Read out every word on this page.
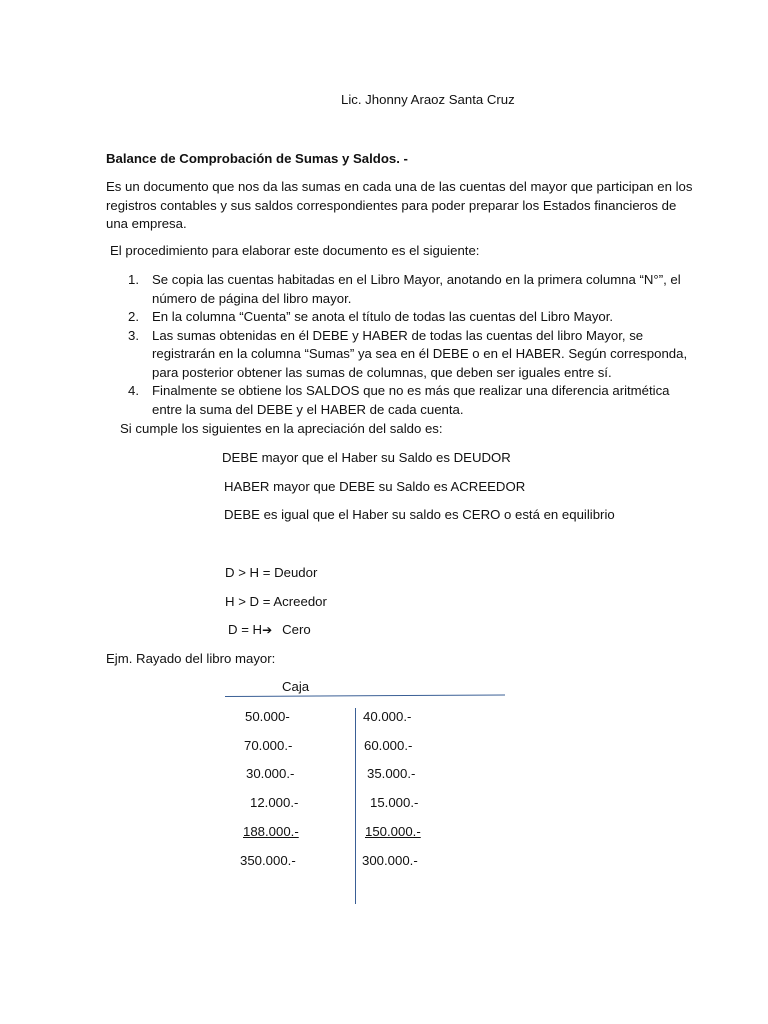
Lic. Jhonny Araoz Santa Cruz
Balance de Comprobación de Sumas y Saldos. -
Es un documento que nos da las sumas en cada una de las cuentas del mayor que participan en los
registros contables y sus saldos correspondientes para poder preparar los Estados financieros de
una empresa.
El procedimiento para elaborar este documento es el siguiente:
1. Se copia las cuentas habitadas en el Libro Mayor, anotando en la primera columna “N°”, el
número de página del libro mayor.
2. En la columna “Cuenta” se anota el título de todas las cuentas del Libro Mayor.
3. Las sumas obtenidas en él DEBE y HABER de todas las cuentas del libro Mayor, se
registrarán en la columna “Sumas” ya sea en él DEBE o en el HABER. Según corresponda,
para posterior obtener las sumas de columnas, que deben ser iguales entre sí.
4. Finalmente se obtiene los SALDOS que no es más que realizar una diferencia aritmética
entre la suma del DEBE y el HABER de cada cuenta.
Si cumple los siguientes en la apreciación del saldo es:
DEBE mayor que el Haber su Saldo es DEUDOR
HABER mayor que DEBE su Saldo es ACREEDOR
DEBE es igual que el Haber su saldo es CERO o está en equilibrio
D > H = Deudor
H > D = Acreedor
D = H➔ Cero
Ejm. Rayado del libro mayor:
Caja
50.000-
70.000.-
30.000.-
12.000.-
188.000.-
350.000.-
40.000.-
60.000.-
35.000.-
15.000.-
150.000.-
300.000.-
